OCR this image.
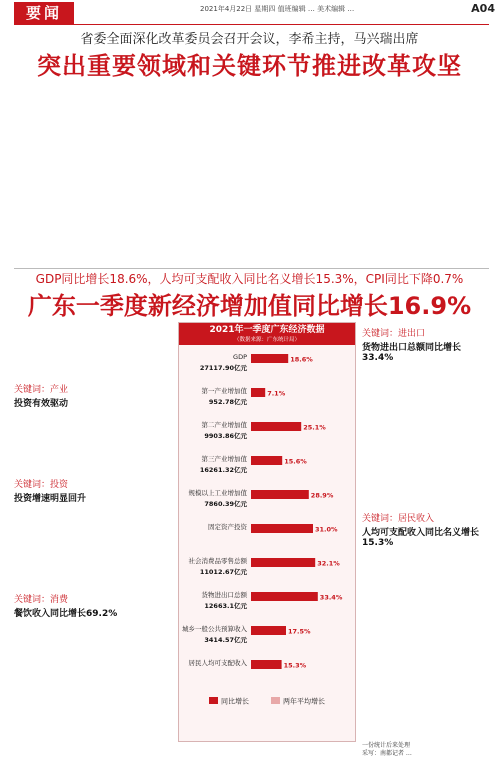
要闻	2021年4月22日 星期四 值班编辑 … 美术编辑 …	A04
省委全面深化改革委员会召开会议，李希主持，马兴瑞出席
突出重要领域和关键环节推进改革攻坚
GDP同比增长18.6%，人均可支配收入同比名义增长15.3%，CPI同比下降0.7%
广东一季度新经济增加值同比增长16.9%
关键词：产业
投资有效驱动
关键词：投资
投资增速明显回升
关键词：消费
餐饮收入同比增长69.2%
2021年一季度广东经济数据
（数据来源：广东统计局）
GDP
27117.90亿元
18.6%
第一产业增加值
952.78亿元
7.1%
第二产业增加值
9903.86亿元
25.1%
第三产业增加值
16261.32亿元
15.6%
规模以上工业增加值
7860.39亿元
28.9%
固定资产投资	31.0%
社会消费品零售总额
11012.67亿元
32.1%
货物进出口总额
12663.1亿元
33.4%
城乡一般公共预算收入
3414.57亿元
17.5%
居民人均可支配收入	15.3%
同比增长	两年平均增长
关键词：进出口
货物进出口总额同比增长33.4%
关键词：居民收入
人均可支配收入同比名义增长15.3%
一份统计后来处理
采写：南都记者 …
